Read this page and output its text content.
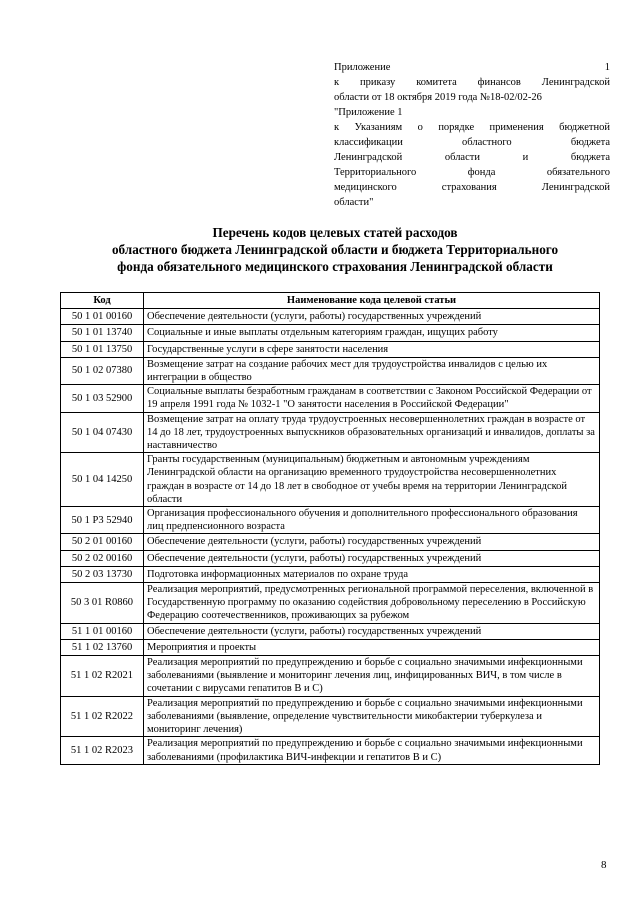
Приложение 1
к приказу комитета финансов Ленинградской
области от 18 октября 2019 года №18-02/02-26
"Приложение 1
к Указаниям о порядке применения бюджетной
классификации областного бюджета
Ленинградской области и бюджета
Территориального фонда обязательного
медицинского страхования Ленинградской
области"
Перечень кодов целевых статей расходов
областного бюджета Ленинградской области и бюджета Территориального
фонда обязательного медицинского страхования Ленинградской области
Код	Наименование кода целевой статьи
50 1 01 00160	Обеспечение деятельности (услуги, работы) государственных учреждений
50 1 01 13740	Социальные и иные выплаты отдельным категориям граждан, ищущих работу
50 1 01 13750	Государственные услуги в сфере занятости населения
50 1 02 07380	Возмещение затрат на создание рабочих мест для трудоустройства инвалидов с целью их интеграции в общество
50 1 03 52900	Социальные выплаты безработным гражданам в соответствии с Законом Российской Федерации от 19 апреля 1991 года № 1032-1 "О занятости населения в Российской Федерации"
50 1 04 07430	Возмещение затрат на оплату труда трудоустроенных несовершеннолетних граждан в возрасте от 14 до 18 лет, трудоустроенных выпускников образовательных организаций и инвалидов, доплаты за наставничество
50 1 04 14250	Гранты государственным (муниципальным) бюджетным и автономным учреждениям Ленинградской области на организацию временного трудоустройства несовершеннолетних граждан в возрасте от 14 до 18 лет в свободное от учебы время на территории Ленинградской области
50 1 P3 52940	Организация профессионального обучения и дополнительного профессионального образования лиц предпенсионного возраста
50 2 01 00160	Обеспечение деятельности (услуги, работы) государственных учреждений
50 2 02 00160	Обеспечение деятельности (услуги, работы) государственных учреждений
50 2 03 13730	Подготовка информационных материалов по охране труда
50 3 01 R0860	Реализация мероприятий, предусмотренных региональной программой переселения, включенной в Государственную программу по оказанию содействия добровольному переселению в Российскую Федерацию соотечественников, проживающих за рубежом
51 1 01 00160	Обеспечение деятельности (услуги, работы) государственных учреждений
51 1 02 13760	Мероприятия и проекты
51 1 02 R2021	Реализация мероприятий по предупреждению и борьбе с социально значимыми инфекционными заболеваниями (выявление и мониторинг лечения лиц, инфицированных ВИЧ, в том числе в сочетании с вирусами гепатитов В и С)
51 1 02 R2022	Реализация мероприятий по предупреждению и борьбе с социально значимыми инфекционными заболеваниями (выявление, определение чувствительности микобактерии туберкулеза и мониторинг лечения)
51 1 02 R2023	Реализация мероприятий по предупреждению и борьбе с социально значимыми инфекционными заболеваниями (профилактика ВИЧ-инфекции и гепатитов В и С)
8
